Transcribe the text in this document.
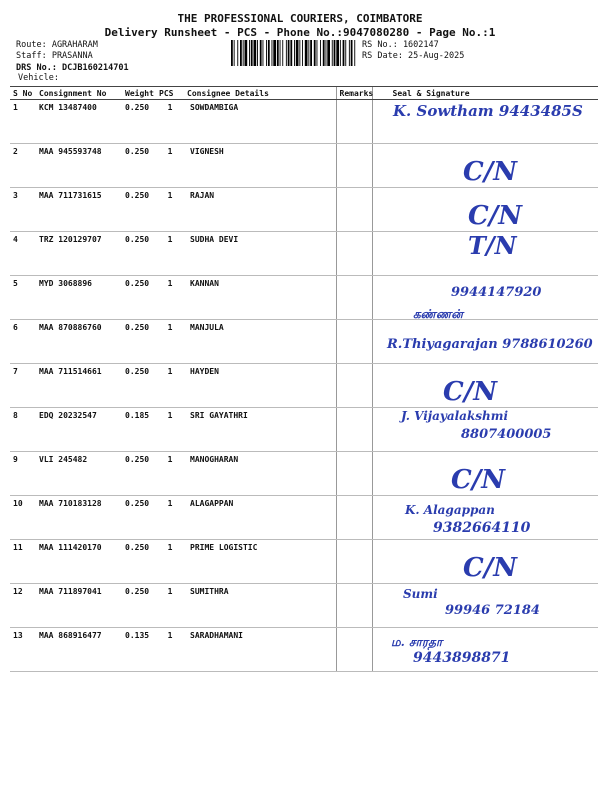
THE PROFESSIONAL COURIERS, COIMBATORE
Delivery Runsheet - PCS - Phone No.:9047080280 - Page No.:1
Route: AGRAHARAM
Staff: PRASANNA
DRS No.: DCJB160214701
RS No.: 1602147
RS Date: 25-Aug-2025
Vehicle:
S No	Consignment No	Weight	PCS	Consignee Details	Remarks	Seal & Signature
1	KCM 13487400	0.250	1	SOWDAMBIGA		K. Sowtham 9443485S

2	MAA 945593748	0.250	1	VIGNESH		C/N

3	MAA 711731615	0.250	1	RAJAN		C/N

4	TRZ 120129707	0.250	1	SUDHA DEVI		T/N

5	MYD 3068896	0.250	1	KANNAN		9944147920
கண்ணன்

6	MAA 870886760	0.250	1	MANJULA		R.Thiyagarajan 9788610260

7	MAA 711514661	0.250	1	HAYDEN		C/N

8	EDQ 20232547	0.185	1	SRI GAYATHRI		J. Vijayalakshmi
8807400005

9	VLI 245482	0.250	1	MANOGHARAN		C/N

10	MAA 710183128	0.250	1	ALAGAPPAN		K. Alagappan
9382664110

11	MAA 111420170	0.250	1	PRIME LOGISTIC		C/N

12	MAA 711897041	0.250	1	SUMITHRA		Sumi
99946 72184

13	MAA 868916477	0.135	1	SARADHAMANI		ம. சாரதா
9443898871
